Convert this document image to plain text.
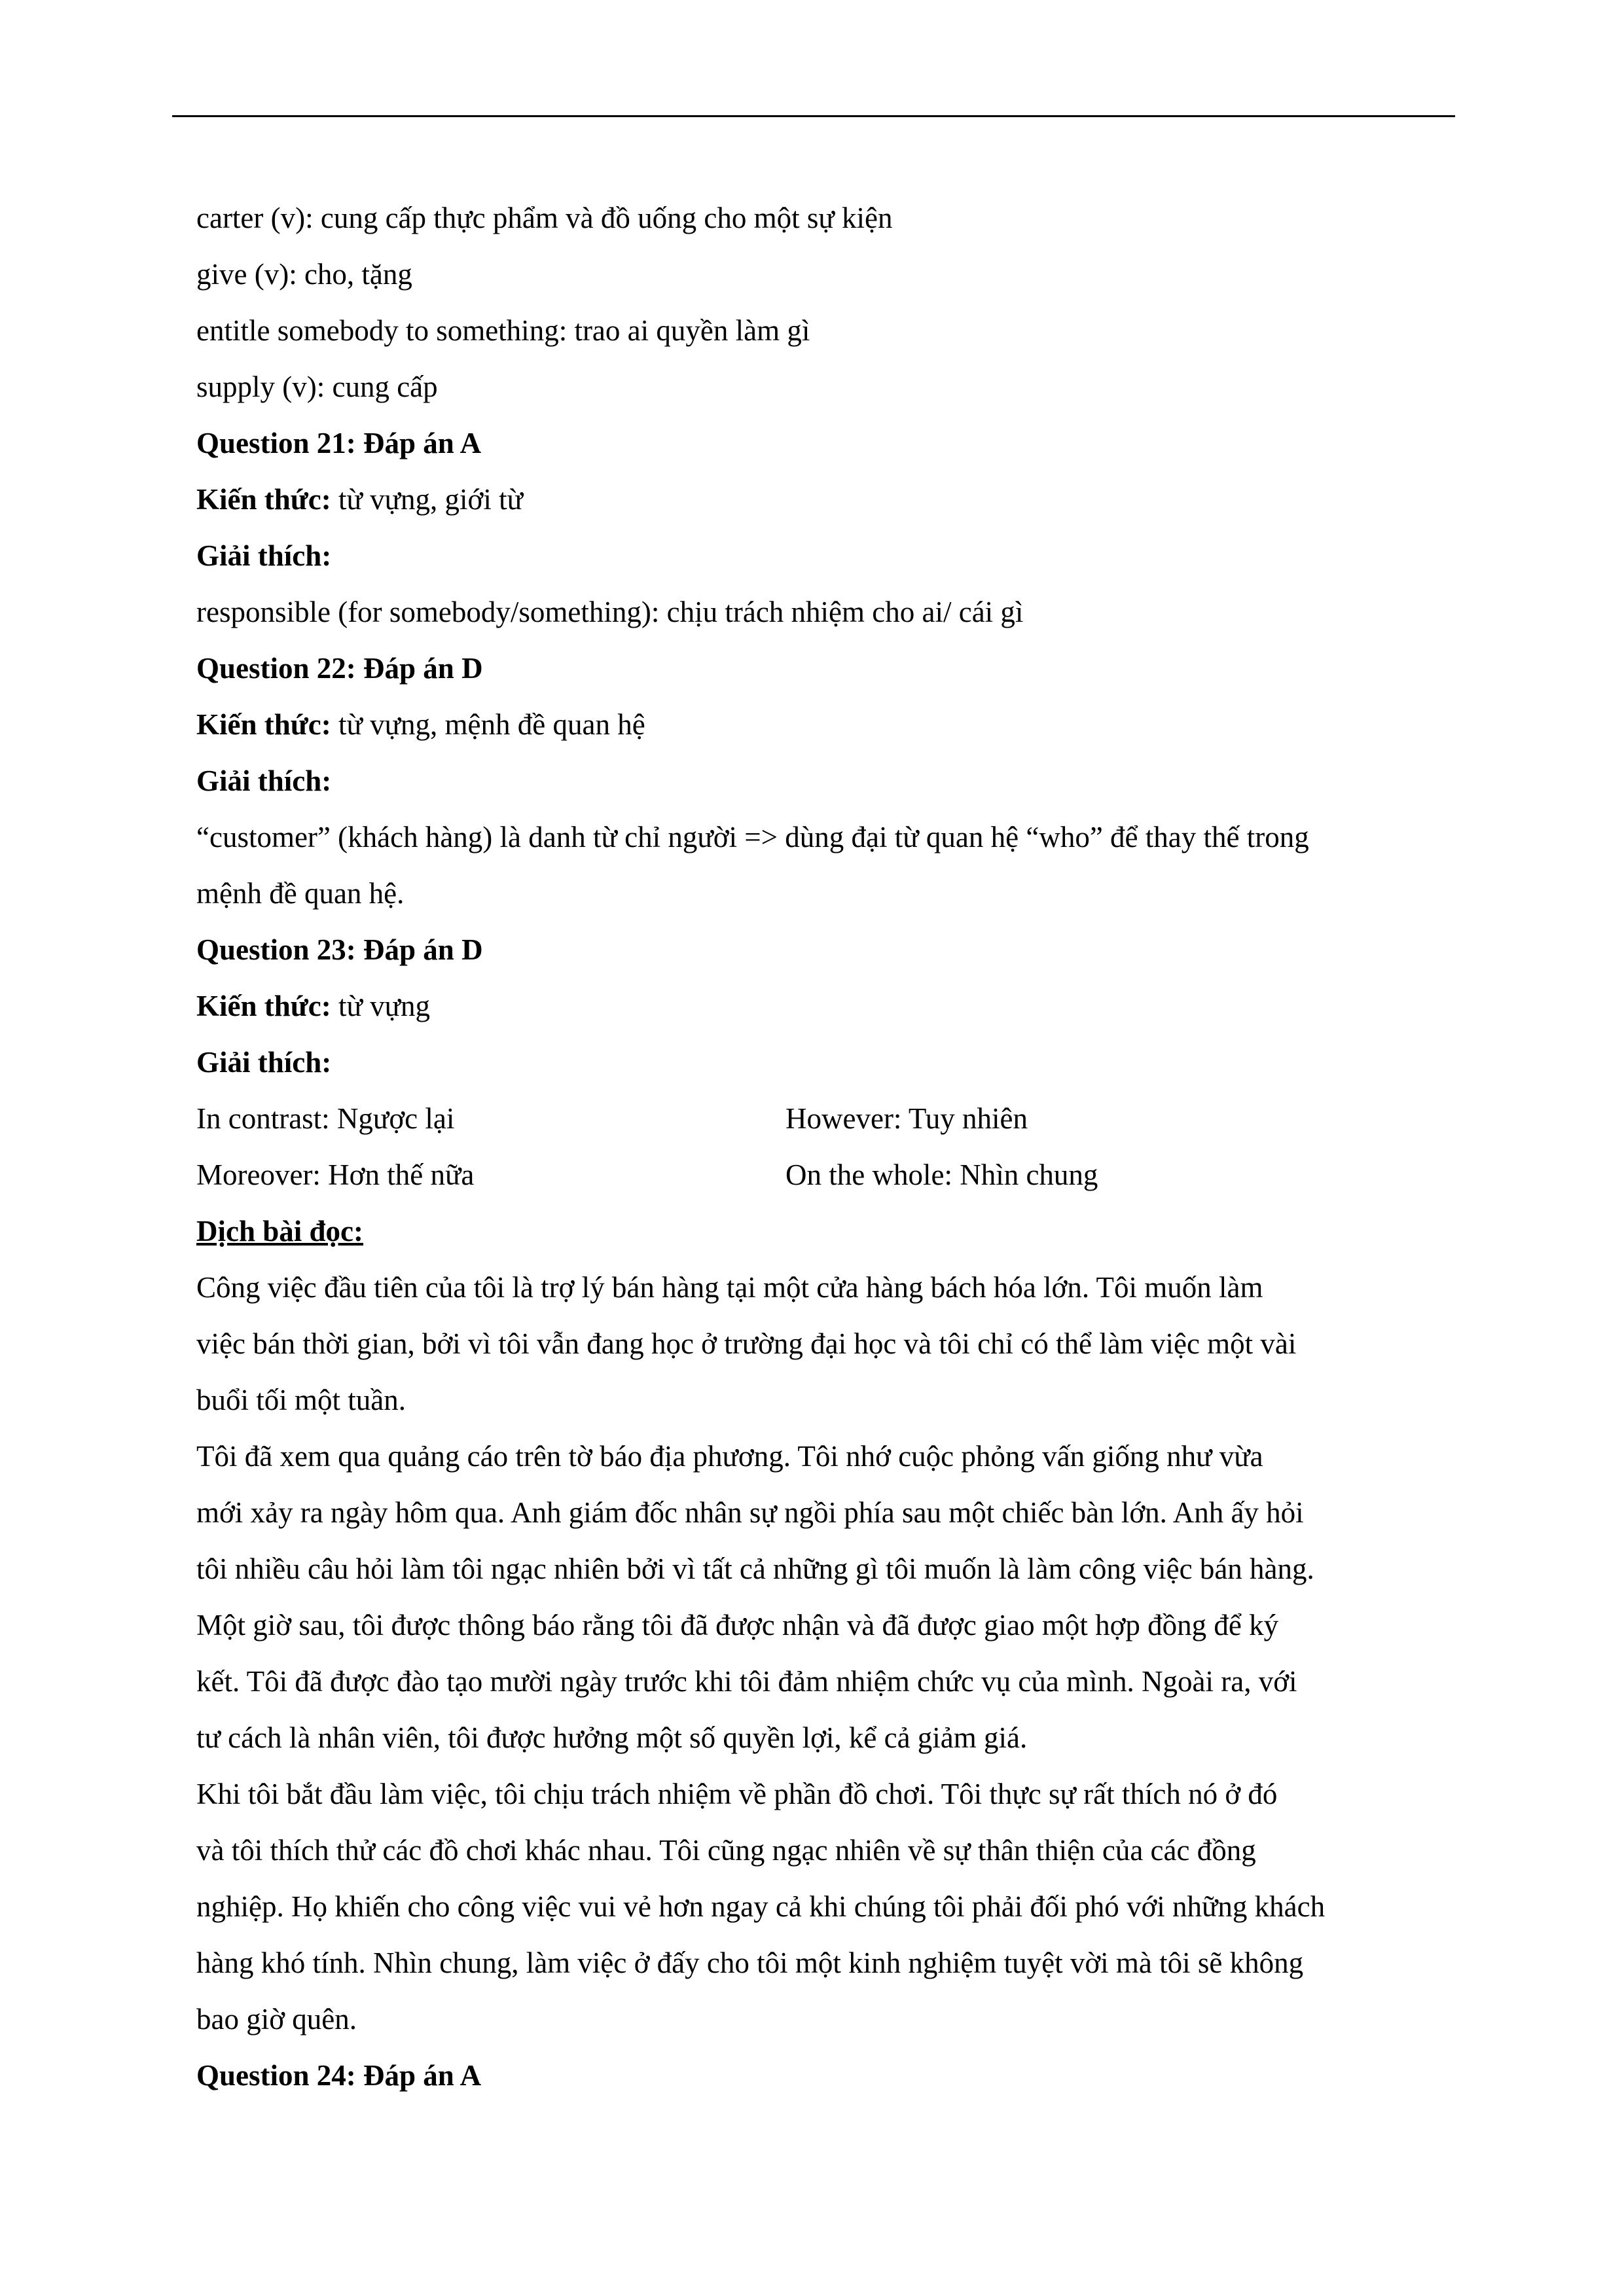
carter (v): cung cấp thực phẩm và đồ uống cho một sự kiện
give (v): cho, tặng
entitle somebody to something: trao ai quyền làm gì
supply (v): cung cấp
Question 21: Đáp án A
Kiến thức: từ vựng, giới từ
Giải thích:
responsible (for somebody/something): chịu trách nhiệm cho ai/ cái gì
Question 22: Đáp án D
Kiến thức: từ vựng, mệnh đề quan hệ
Giải thích:
“customer” (khách hàng) là danh từ chỉ người => dùng đại từ quan hệ “who” để thay thế trong
mệnh đề quan hệ.
Question 23: Đáp án D
Kiến thức: từ vựng
Giải thích:
In contrast: Ngược lại	However: Tuy nhiên
Moreover: Hơn thế nữa	On the whole: Nhìn chung
Dịch bài đọc:
Công việc đầu tiên của tôi là trợ lý bán hàng tại một cửa hàng bách hóa lớn. Tôi muốn làm
việc bán thời gian, bởi vì tôi vẫn đang học ở trường đại học và tôi chỉ có thể làm việc một vài
buổi tối một tuần.
Tôi đã xem qua quảng cáo trên tờ báo địa phương. Tôi nhớ cuộc phỏng vấn giống như vừa
mới xảy ra ngày hôm qua. Anh giám đốc nhân sự ngồi phía sau một chiếc bàn lớn. Anh ấy hỏi
tôi nhiều câu hỏi làm tôi ngạc nhiên bởi vì tất cả những gì tôi muốn là làm công việc bán hàng.
Một giờ sau, tôi được thông báo rằng tôi đã được nhận và đã được giao một hợp đồng để ký
kết. Tôi đã được đào tạo mười ngày trước khi tôi đảm nhiệm chức vụ của mình. Ngoài ra, với
tư cách là nhân viên, tôi được hưởng một số quyền lợi, kể cả giảm giá.
Khi tôi bắt đầu làm việc, tôi chịu trách nhiệm về phần đồ chơi. Tôi thực sự rất thích nó ở đó
và tôi thích thử các đồ chơi khác nhau. Tôi cũng ngạc nhiên về sự thân thiện của các đồng
nghiệp. Họ khiến cho công việc vui vẻ hơn ngay cả khi chúng tôi phải đối phó với những khách
hàng khó tính. Nhìn chung, làm việc ở đấy cho tôi một kinh nghiệm tuyệt vời mà tôi sẽ không
bao giờ quên.
Question 24: Đáp án A
